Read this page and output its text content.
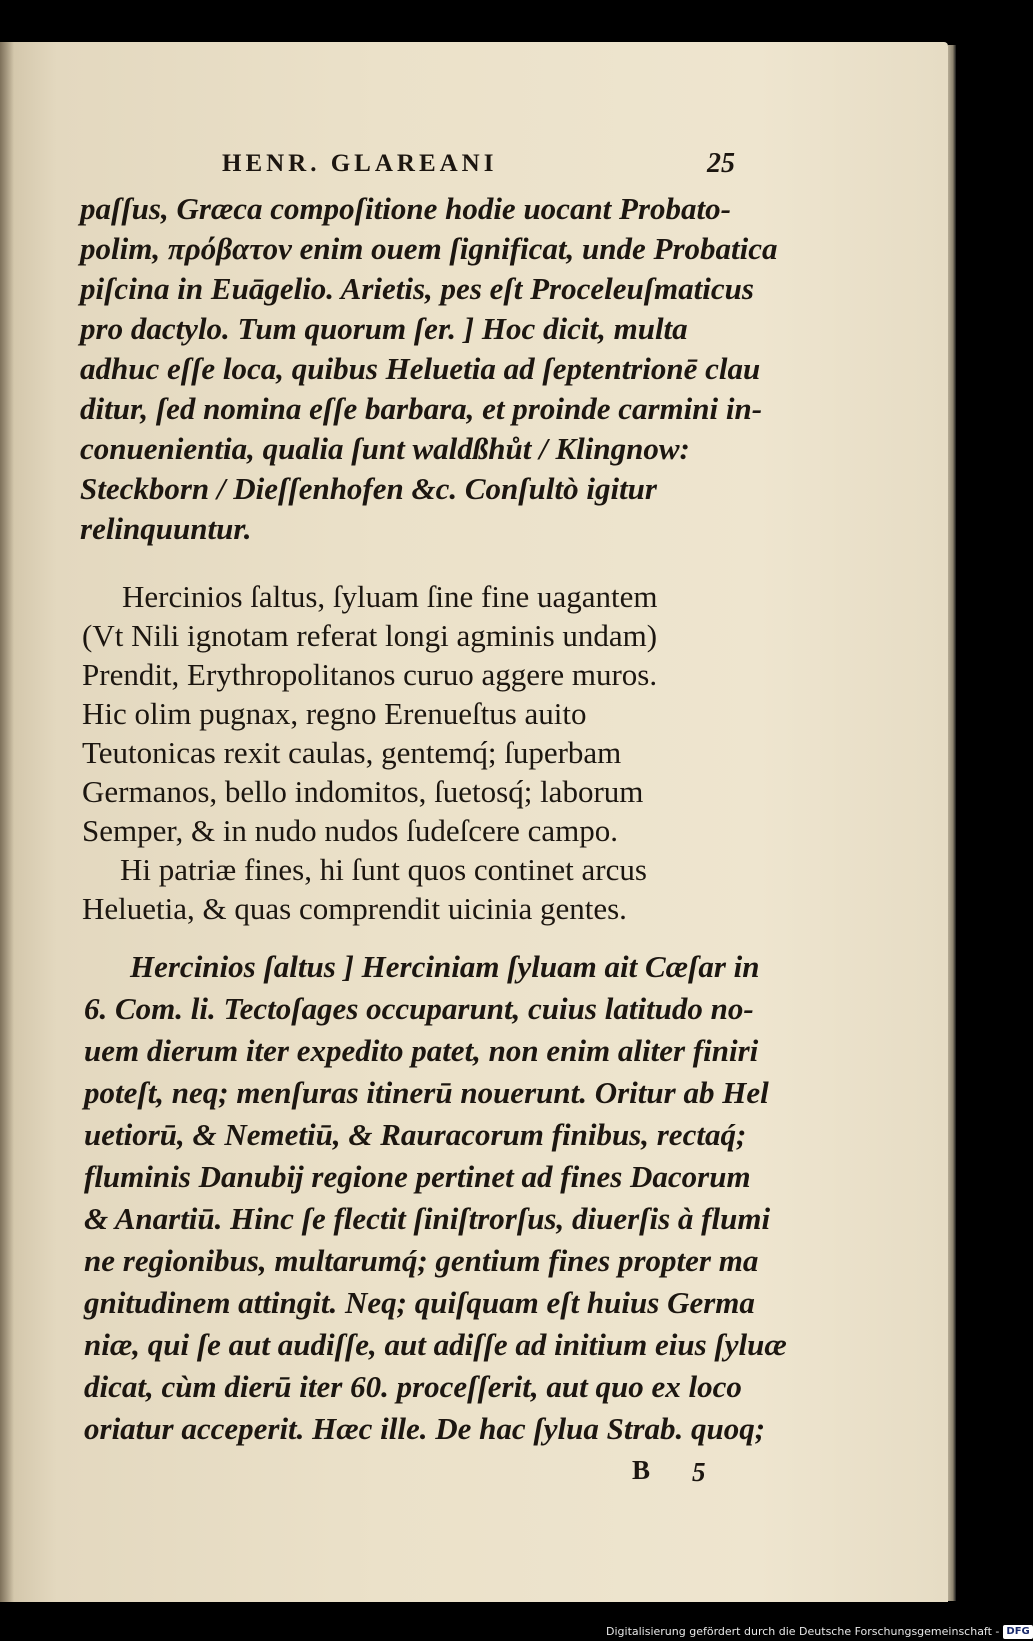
HENR. GLAREANI	25

paſſus, Græca compoſitione hodie uocant Probato-

polim, πρόβατον enim ouem ſignificat, unde Probatica

piſcina in Euāgelio. Arietis, pes eſt Proceleuſmaticus

pro dactylo. Tum quorum ſer. ] Hoc dicit, multa

adhuc eſſe loca, quibus Heluetia ad ſeptentrionē clau

ditur, ſed nomina eſſe barbara, et proinde carmini in-

conuenientia, qualia ſunt waldßhůt / Klingnow:

Steckborn / Dieſſenhofen &c. Conſultò igitur

relinquuntur.

Hercinios ſaltus, ſyluam ſine fine uagantem

(Vt Nili ignotam referat longi agminis undam)

Prendit, Erythropolitanos curuo aggere muros.

Hic olim pugnax, regno Erenueſtus auito

Teutonicas rexit caulas, gentemq́; ſuperbam

Germanos, bello indomitos, ſuetosq́; laborum

Semper, & in nudo nudos ſudeſcere campo.

Hi patriæ fines, hi ſunt quos continet arcus

Heluetia, & quas comprendit uicinia gentes.

Hercinios ſaltus ] Herciniam ſyluam ait Cæſar in

6. Com. li. Tectoſages occuparunt, cuius latitudo no-

uem dierum iter expedito patet, non enim aliter finiri

poteſt, neq; menſuras itinerū nouerunt. Oritur ab Hel

uetiorū, & Nemetiū, & Rauracorum finibus, rectaq́;

fluminis Danubij regione pertinet ad fines Dacorum

& Anartiū. Hinc ſe flectit ſiniſtrorſus, diuerſis à flumi

ne regionibus, multarumq́; gentium fines propter ma

gnitudinem attingit. Neq; quiſquam eſt huius Germa

niæ, qui ſe aut audiſſe, aut adiſſe ad initium eius ſyluæ

dicat, cùm dierū iter 60. proceſſerit, aut quo ex loco

oriatur acceperit. Hæc ille. De hac ſylua Strab. quoq;

B 5
Digitalisierung gefördert durch die Deutsche Forschungsgemeinschaft - DFG
